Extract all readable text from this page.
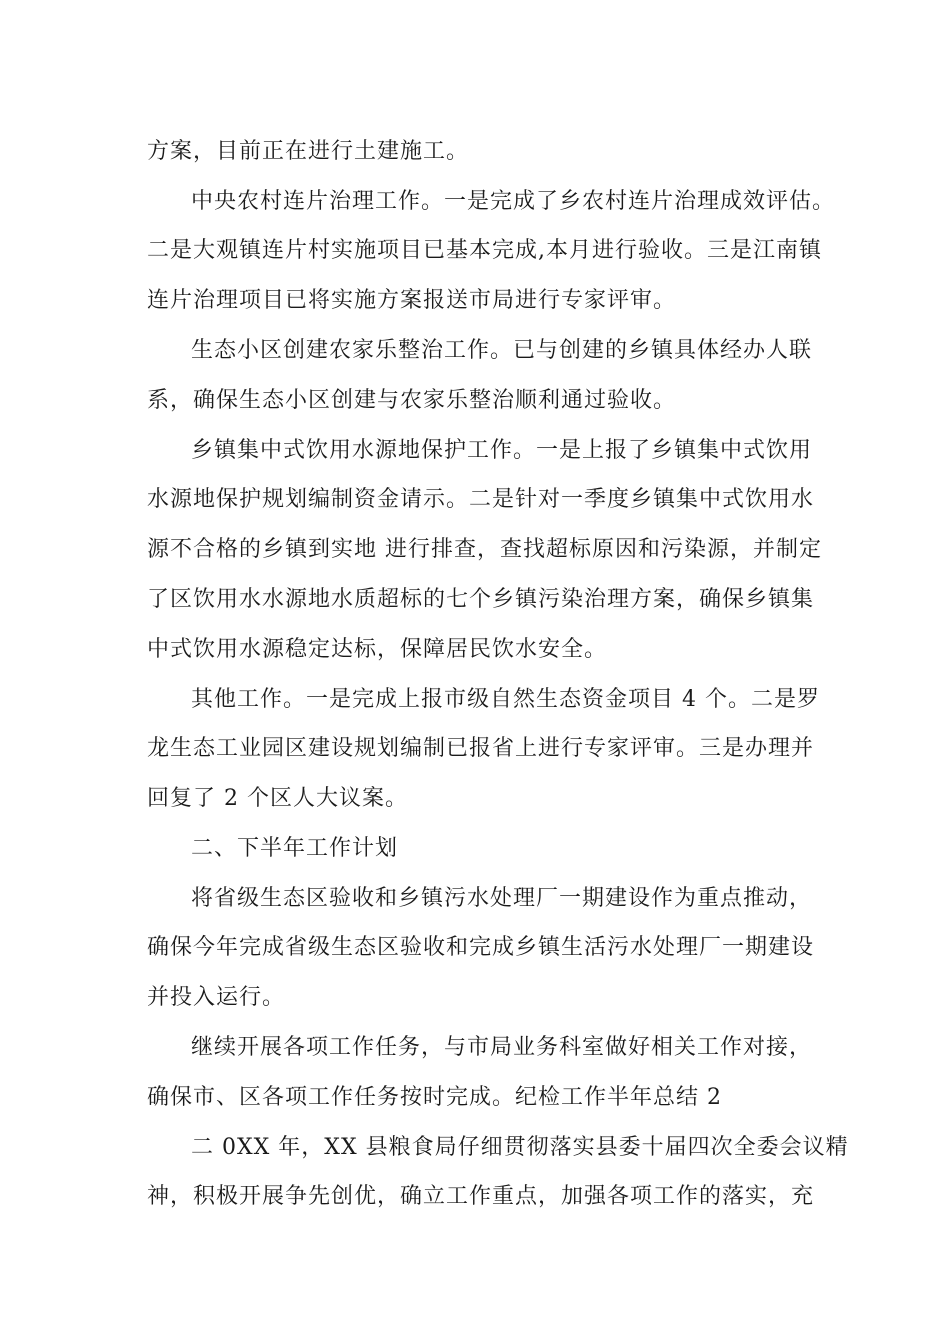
方案，目前正在进行土建施工。
中央农村连片治理工作。一是完成了乡农村连片治理成效评估。
二是大观镇连片村实施项目已基本完成,本月进行验收。三是江南镇
连片治理项目已将实施方案报送市局进行专家评审。
生态小区创建农家乐整治工作。已与创建的乡镇具体经办人联
系，确保生态小区创建与农家乐整治顺利通过验收。
乡镇集中式饮用水源地保护工作。一是上报了乡镇集中式饮用
水源地保护规划编制资金请示。二是针对一季度乡镇集中式饮用水
源不合格的乡镇到实地 进行排查，查找超标原因和污染源，并制定
了区饮用水水源地水质超标的七个乡镇污染治理方案，确保乡镇集
中式饮用水源稳定达标，保障居民饮水安全。
其他工作。一是完成上报市级自然生态资金项目 4 个。二是罗
龙生态工业园区建设规划编制已报省上进行专家评审。三是办理并
回复了 2 个区人大议案。
二、下半年工作计划
将省级生态区验收和乡镇污水处理厂一期建设作为重点推动，
确保今年完成省级生态区验收和完成乡镇生活污水处理厂一期建设
并投入运行。
继续开展各项工作任务，与市局业务科室做好相关工作对接，
确保市、区各项工作任务按时完成。纪检工作半年总结 2
二 0XX 年，XX 县粮食局仔细贯彻落实县委十届四次全委会议精
神，积极开展争先创优，确立工作重点，加强各项工作的落实，充
